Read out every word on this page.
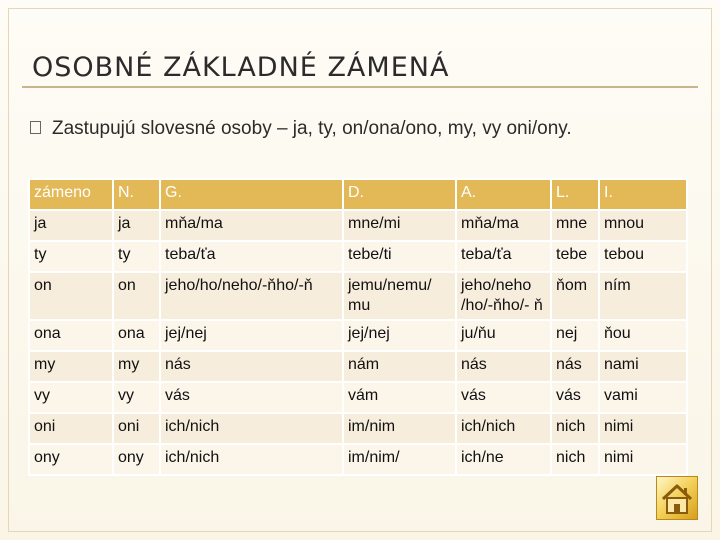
OSOBNÉ ZÁKLADNÉ ZÁMENÁ
Zastupujú slovesné osoby – ja, ty, on/ona/ono, my, vy oni/ony.
zámeno	N.	G.	D.	A.	L.	I.
ja	ja	mňa/ma	mne/mi	mňa/ma	mne	mnou
ty	ty	teba/ťa	tebe/ti	teba/ťa	tebe	tebou
on	on	jeho/ho/neho/-ňho/-ň	jemu/nemu/ mu	jeho/neho /ho/-ňho/- ň	ňom	ním
ona	ona	jej/nej	jej/nej	ju/ňu	nej	ňou
my	my	nás	nám	nás	nás	nami
vy	vy	vás	vám	vás	vás	vami
oni	oni	ich/nich	im/nim	ich/nich	nich	nimi
ony	ony	ich/nich	im/nim/	ich/ne	nich	nimi
